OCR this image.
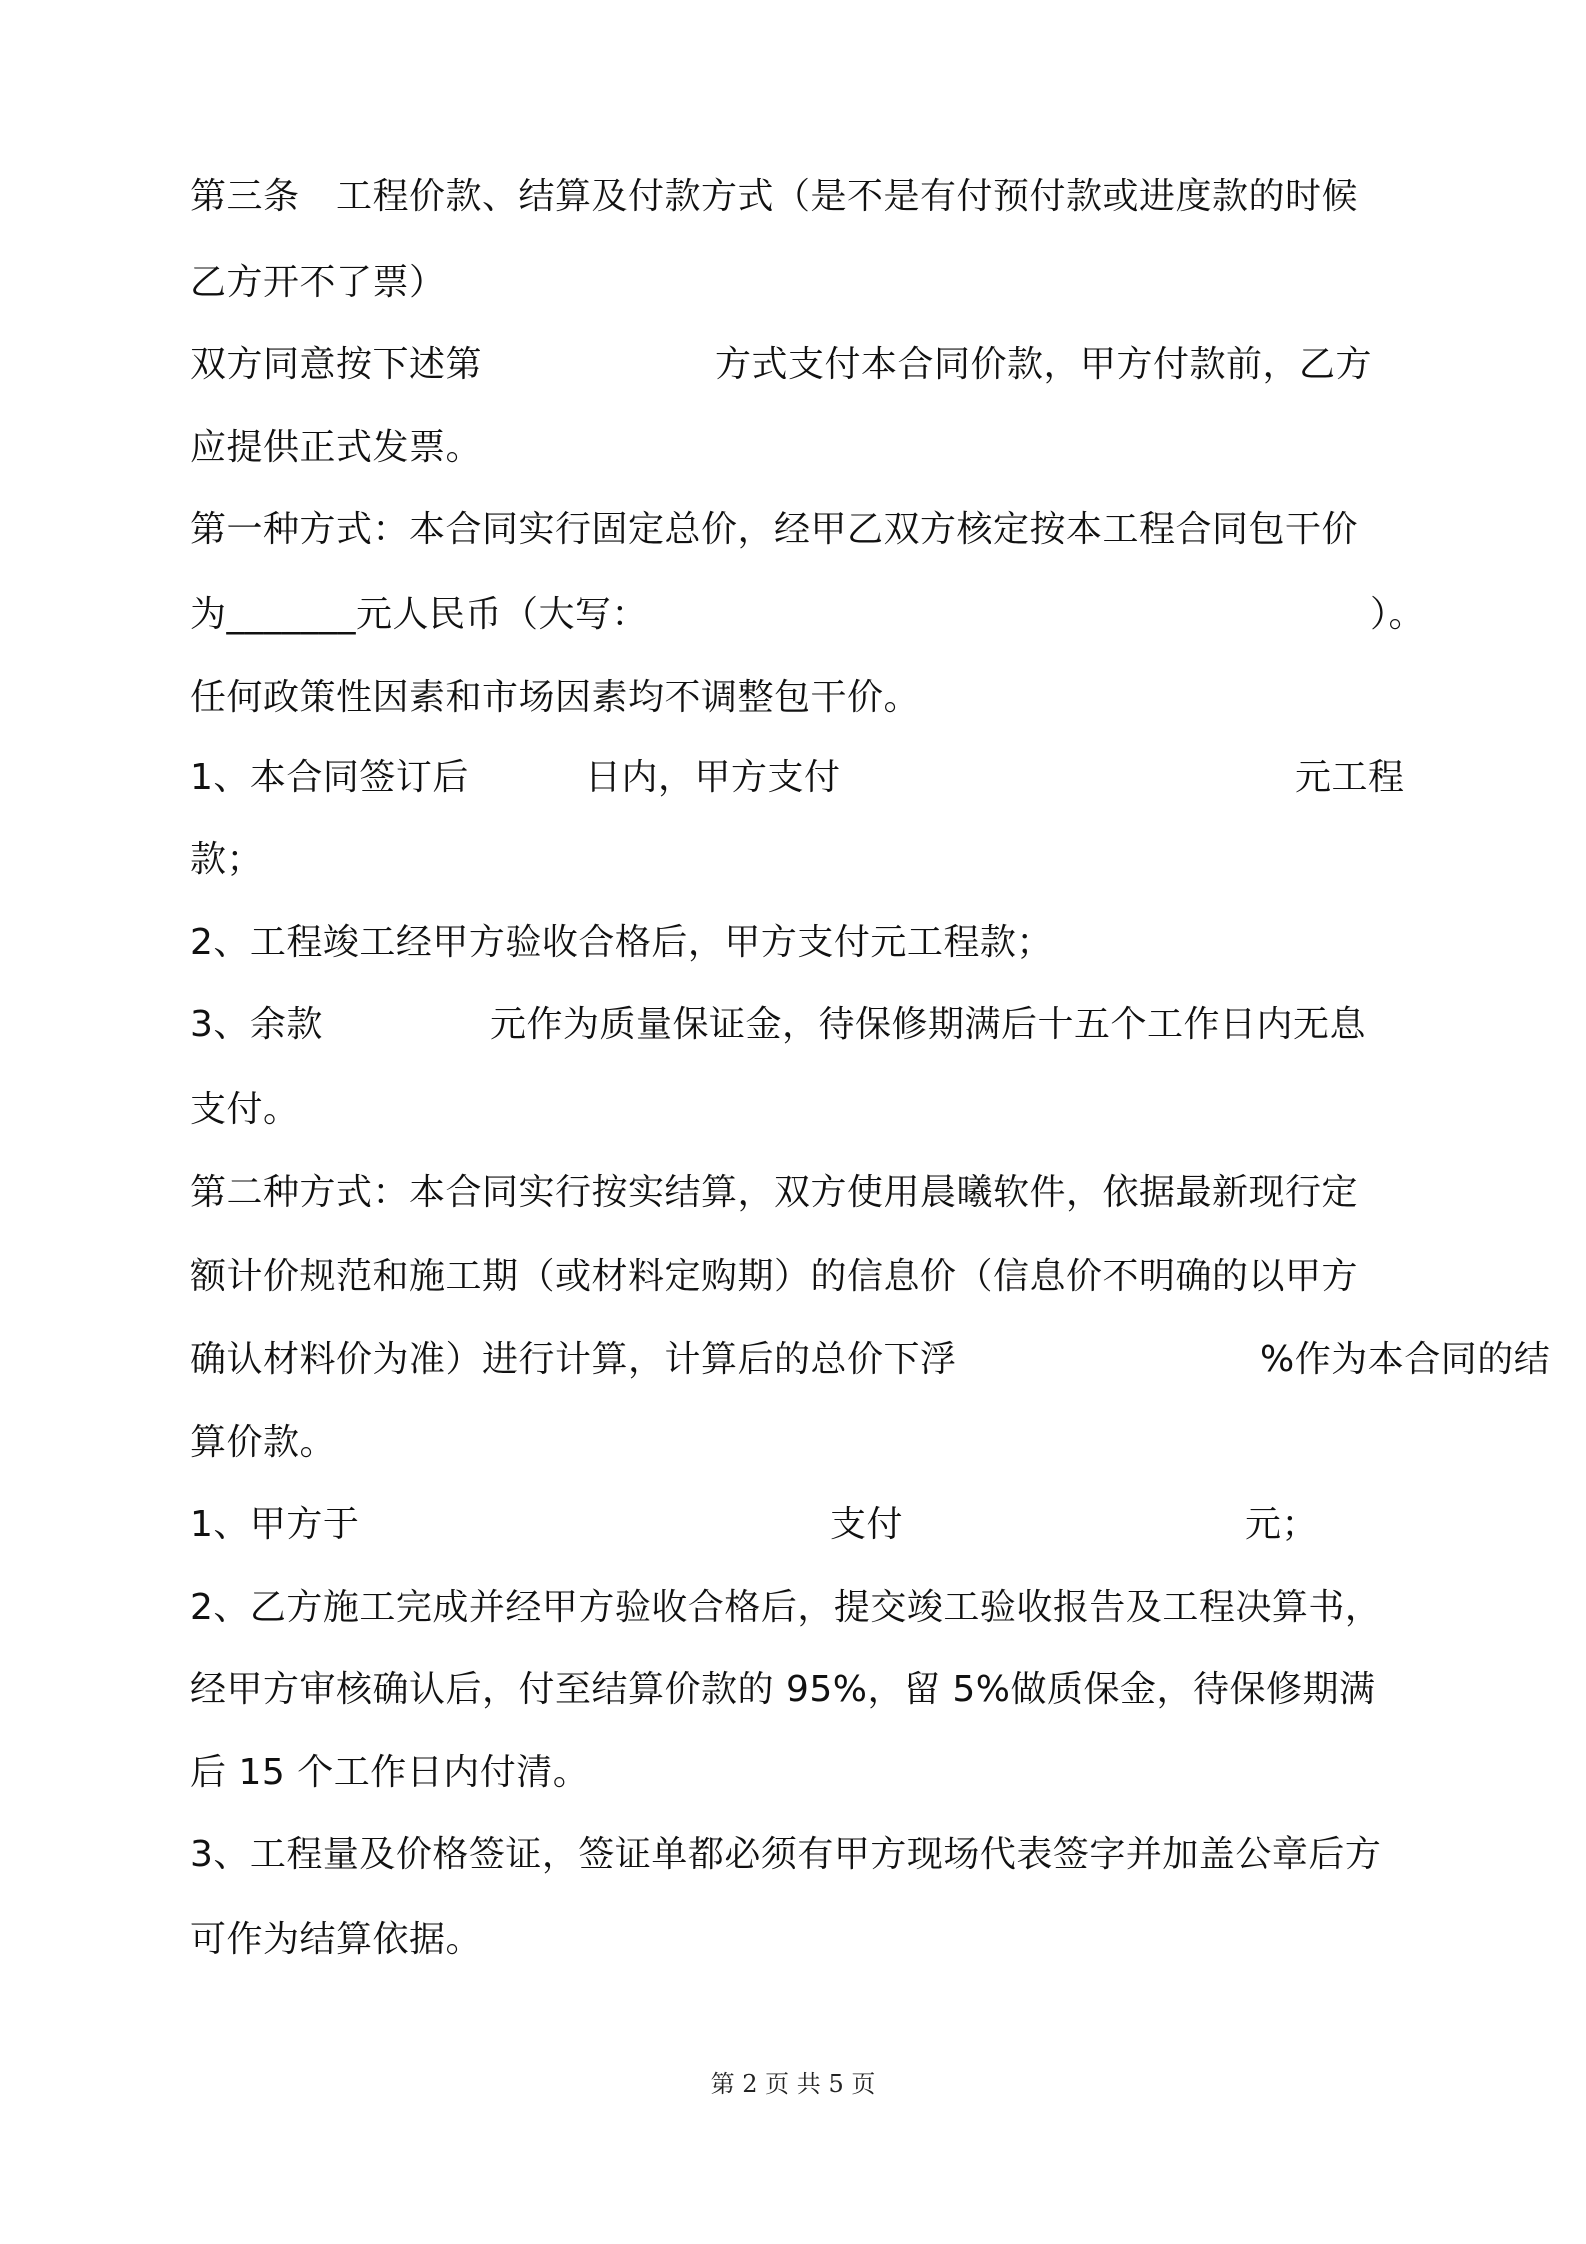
第三条　工程价款、结算及付款方式（是不是有付预付款或进度款的时候
乙方开不了票）
双方同意按下述第	方式支付本合同价款，甲方付款前，乙方
应提供正式发票。
第一种方式：本合同实行固定总价，经甲乙双方核定按本工程合同包干价
为_______元人民币（大写：	）。
任何政策性因素和市场因素均不调整包干价。
1、本合同签订后	日内，甲方支付	元工程
款；
2、工程竣工经甲方验收合格后，甲方支付元工程款；
3、余款	元作为质量保证金，待保修期满后十五个工作日内无息
支付。
第二种方式：本合同实行按实结算，双方使用晨曦软件，依据最新现行定
额计价规范和施工期（或材料定购期）的信息价（信息价不明确的以甲方
确认材料价为准）进行计算，计算后的总价下浮	%作为本合同的结
算价款。
1、甲方于	支付	元；
2、乙方施工完成并经甲方验收合格后，提交竣工验收报告及工程决算书，
经甲方审核确认后，付至结算价款的 95%，留 5%做质保金，待保修期满
后 15 个工作日内付清。
3、工程量及价格签证，签证单都必须有甲方现场代表签字并加盖公章后方
可作为结算依据。
第 2 页 共 5 页
